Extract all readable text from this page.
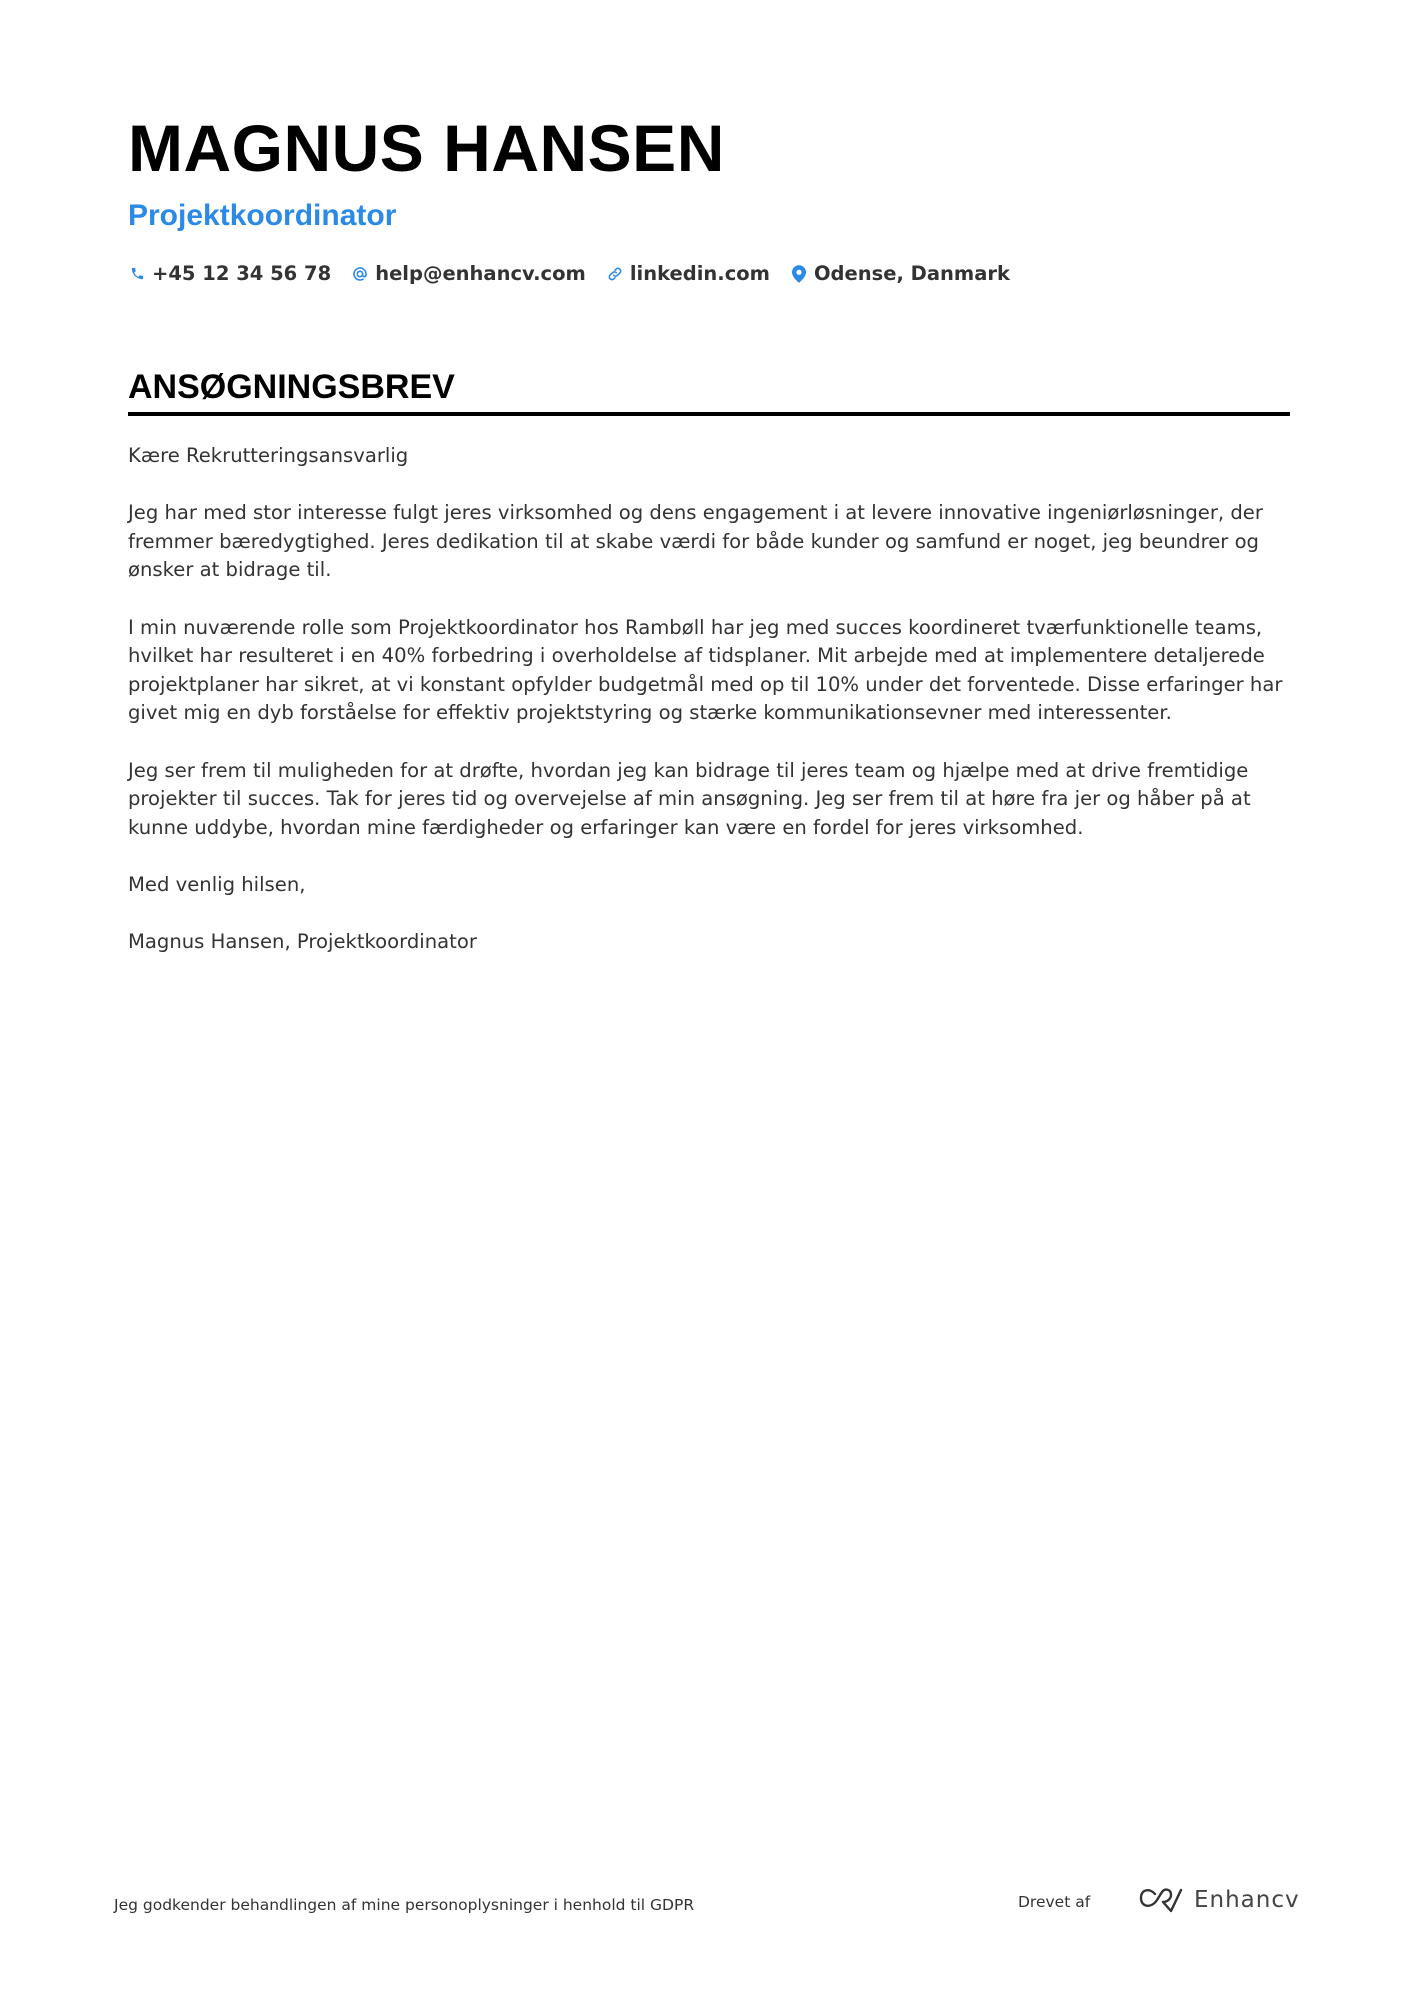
MAGNUS HANSEN
Projektkoordinator
+45 12 34 56 78 help@enhancv.com linkedin.com Odense, Danmark
ANSØGNINGSBREV

Kære Rekrutteringsansvarlig

Jeg har med stor interesse fulgt jeres virksomhed og dens engagement i at levere innovative ingeniørløsninger, der fremmer bæredygtighed. Jeres dedikation til at skabe værdi for både kunder og samfund er noget, jeg beundrer og ønsker at bidrage til.

I min nuværende rolle som Projektkoordinator hos Rambøll har jeg med succes koordineret tværfunktionelle teams, hvilket har resulteret i en 40% forbedring i overholdelse af tidsplaner. Mit arbejde med at implementere detaljerede projektplaner har sikret, at vi konstant opfylder budgetmål med op til 10% under det forventede. Disse erfaringer har givet mig en dyb forståelse for effektiv projektstyring og stærke kommunikationsevner med interessenter.

Jeg ser frem til muligheden for at drøfte, hvordan jeg kan bidrage til jeres team og hjælpe med at drive fremtidige projekter til succes. Tak for jeres tid og overvejelse af min ansøgning. Jeg ser frem til at høre fra jer og håber på at kunne uddybe, hvordan mine færdigheder og erfaringer kan være en fordel for jeres virksomhed.

Med venlig hilsen,

Magnus Hansen, Projektkoordinator

Jeg godkender behandlingen af mine personoplysninger i henhold til GDPR	Drevet af	Enhancv
